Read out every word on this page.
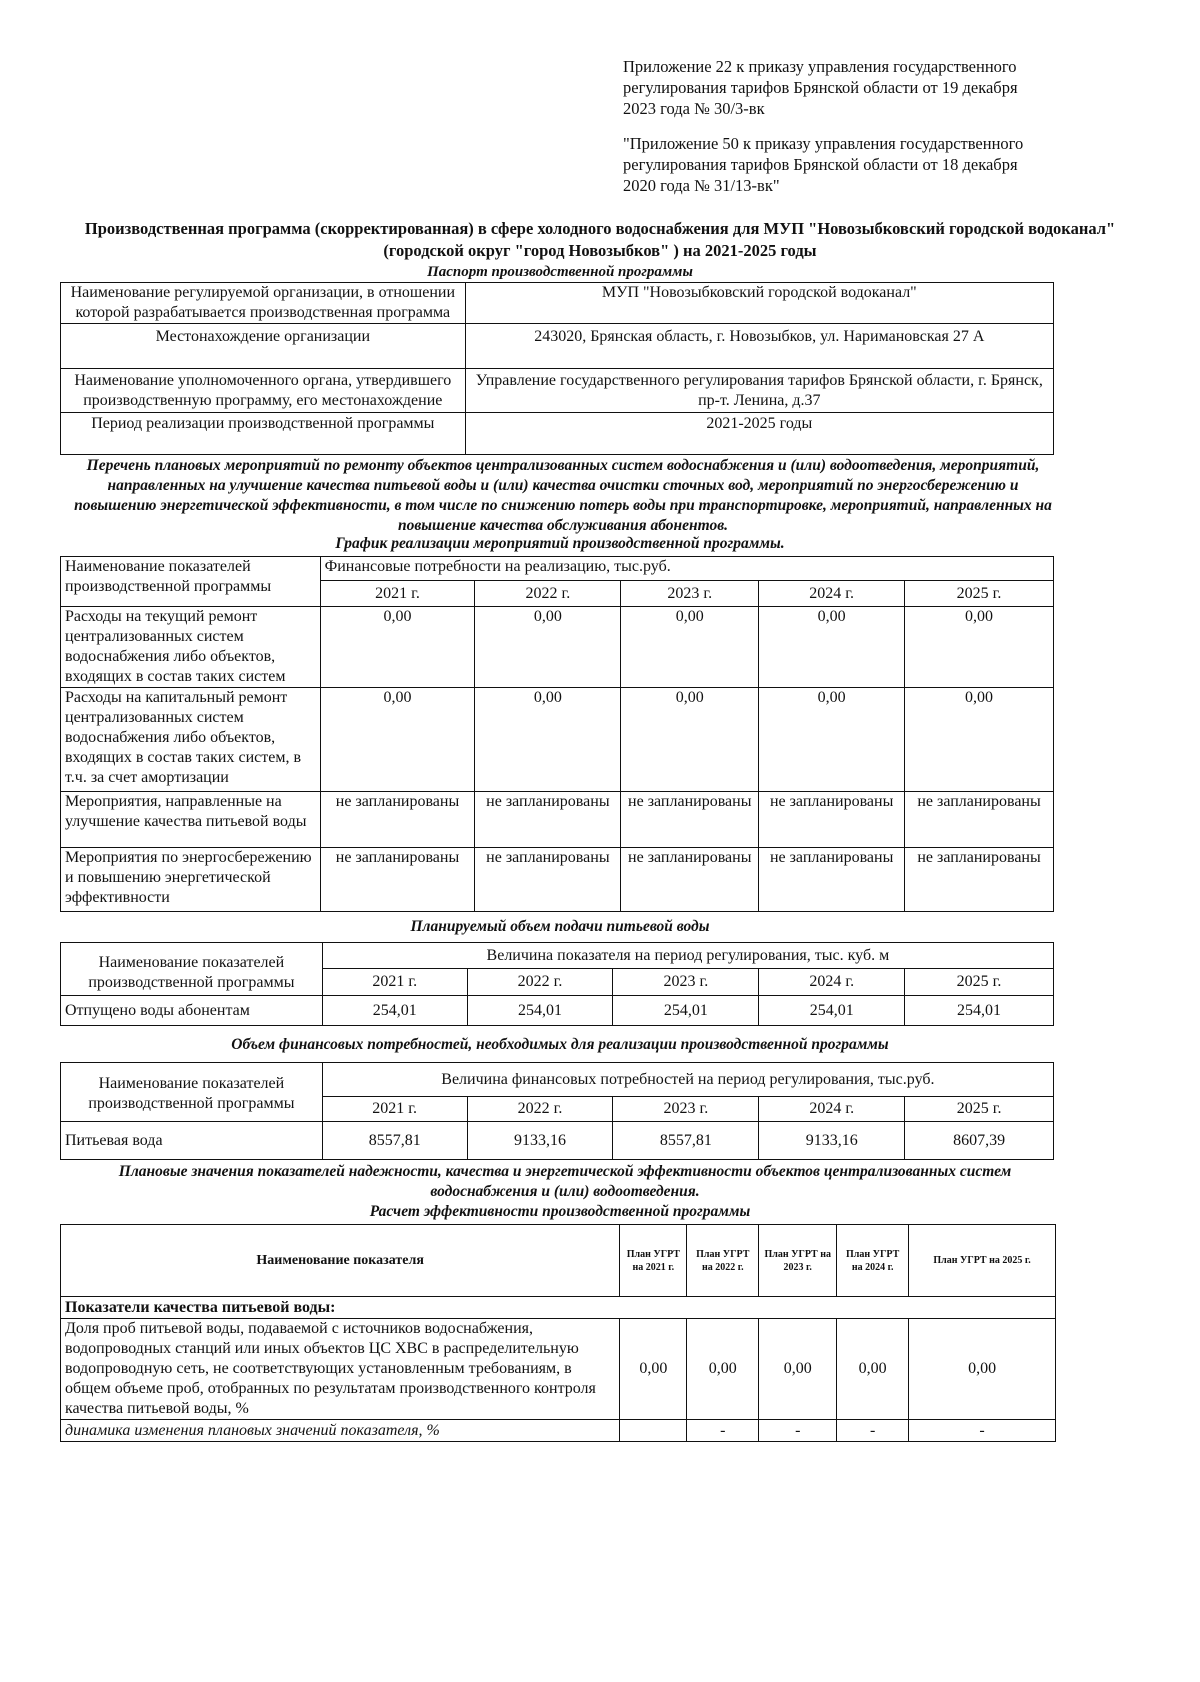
Приложение 22 к приказу управления государственного регулирования тарифов Брянской области от 19 декабря 2023 года № 30/3-вк
"Приложение 50 к приказу управления государственного регулирования тарифов Брянской области от 18 декабря 2020 года № 31/13-вк"
Производственная программа (скорректированная) в сфере холодного водоснабжения для МУП "Новозыбковский городской водоканал"
(городской округ "город Новозыбков" ) на 2021-2025 годы
Паспорт производственной программы
Наименование регулируемой организации, в отношении которой разрабатывается производственная программа	МУП "Новозыбковский городской водоканал"
Местонахождение организации	243020, Брянская область, г. Новозыбков, ул. Наримановская 27 А
Наименование уполномоченного органа, утвердившего производственную программу, его местонахождение	Управление государственного регулирования тарифов Брянской области, г. Брянск, пр-т. Ленина, д.37
Период реализации производственной программы	2021-2025 годы
Перечень плановых мероприятий по ремонту объектов централизованных систем водоснабжения и (или) водоотведения, мероприятий, направленных на улучшение качества питьевой воды и (или) качества очистки сточных вод, мероприятий по энергосбережению и повышению энергетической эффективности, в том числе по снижению потерь воды при транспортировке, мероприятий, направленных на повышение качества обслуживания абонентов.
График реализации мероприятий производственной программы.
Наименование показателей производственной программы	Финансовые потребности на реализацию, тыс.руб.				
	2021 г.	2022 г.	2023 г.	2024 г.	2025 г.
Расходы на текущий ремонт централизованных систем водоснабжения либо объектов, входящих в состав таких систем	0,00	0,00	0,00	0,00	0,00
Расходы на капитальный ремонт централизованных систем водоснабжения либо объектов, входящих в состав таких систем, в т.ч. за счет амортизации	0,00	0,00	0,00	0,00	0,00
Мероприятия, направленные на улучшение качества питьевой воды	не запланированы	не запланированы	не запланированы	не запланированы	не запланированы
Мероприятия по энергосбережению и повышению энергетической эффективности	не запланированы	не запланированы	не запланированы	не запланированы	не запланированы
Планируемый объем подачи питьевой воды
Наименование показателей производственной программы	Величина показателя на период регулирования, тыс. куб. м				
	2021 г.	2022 г.	2023 г.	2024 г.	2025 г.
Отпущено воды абонентам	254,01	254,01	254,01	254,01	254,01
Объем финансовых потребностей, необходимых для реализации производственной программы
Наименование показателей производственной программы	Величина финансовых потребностей на период регулирования, тыс.руб.				
	2021 г.	2022 г.	2023 г.	2024 г.	2025 г.
Питьевая вода	8557,81	9133,16	8557,81	9133,16	8607,39
Плановые значения показателей надежности, качества и энергетической эффективности объектов централизованных систем водоснабжения и (или) водоотведения.
Расчет эффективности производственной программы
Наименование показателя	План УГРТ на 2021 г.	План УГРТ на 2022 г.	План УГРТ на 2023 г.	План УГРТ на 2024 г.	План УГРТ на 2025 г.
Показатели качества питьевой воды:					
Доля проб питьевой воды, подаваемой с источников водоснабжения, водопроводных станций или иных объектов ЦС ХВС в распределительную водопроводную сеть, не соответствующих установленным требованиям, в общем объеме проб, отобранных по результатам производственного контроля качества питьевой воды, %	0,00	0,00	0,00	0,00	0,00
динамика изменения плановых значений показателя, %		-	-	-	-
